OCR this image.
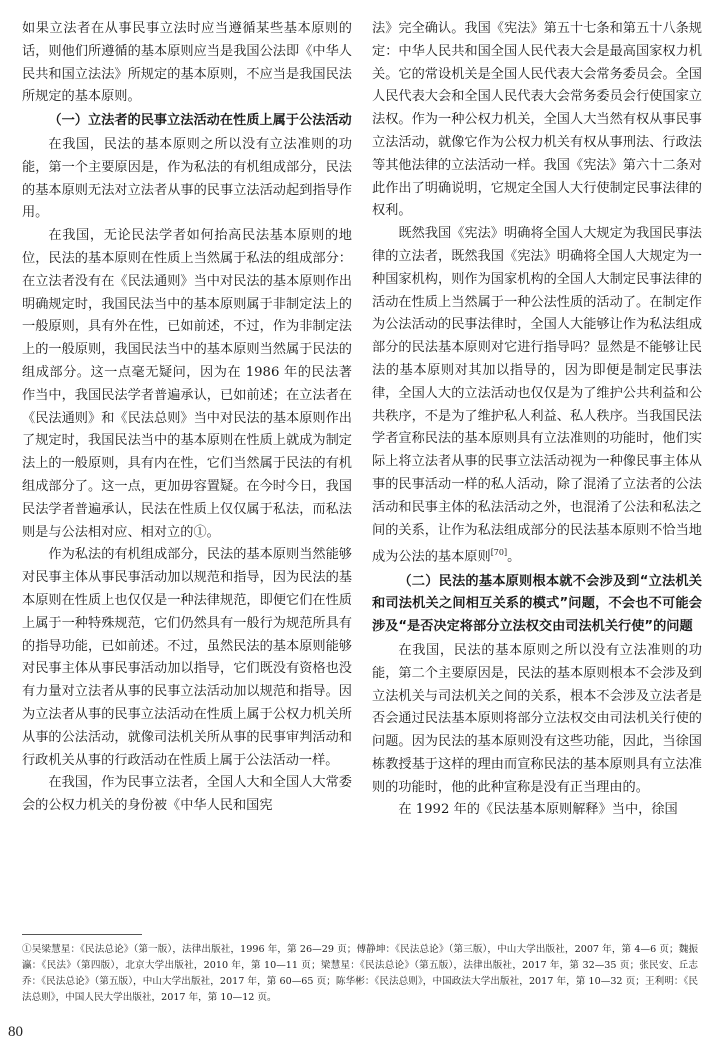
如果立法者在从事民事立法时应当遵循某些基本原则的话，则他们所遵循的基本原则应当是我国公法即《中华人民共和国立法法》所规定的基本原则，不应当是我国民法所规定的基本原则。

（一）立法者的民事立法活动在性质上属于公法活动

在我国，民法的基本原则之所以没有立法准则的功能，第一个主要原因是，作为私法的有机组成部分，民法的基本原则无法对立法者从事的民事立法活动起到指导作用。

在我国，无论民法学者如何抬高民法基本原则的地位，民法的基本原则在性质上当然属于私法的组成部分：在立法者没有在《民法通则》当中对民法的基本原则作出明确规定时，我国民法当中的基本原则属于非制定法上的一般原则，具有外在性，已如前述，不过，作为非制定法上的一般原则，我国民法当中的基本原则当然属于民法的组成部分。这一点毫无疑问，因为在 1986 年的民法著作当中，我国民法学者普遍承认，已如前述；在立法者在《民法通则》和《民法总则》当中对民法的基本原则作出了规定时，我国民法当中的基本原则在性质上就成为制定法上的一般原则，具有内在性，它们当然属于民法的有机组成部分了。这一点，更加毋容置疑。在今时今日，我国民法学者普遍承认，民法在性质上仅仅属于私法，而私法则是与公法相对应、相对立的①。

作为私法的有机组成部分，民法的基本原则当然能够对民事主体从事民事活动加以规范和指导，因为民法的基本原则在性质上也仅仅是一种法律规范，即便它们在性质上属于一种特殊规范，它们仍然具有一般行为规范所具有的指导功能，已如前述。不过，虽然民法的基本原则能够对民事主体从事民事活动加以指导，它们既没有资格也没有力量对立法者从事的民事立法活动加以规范和指导。因为立法者从事的民事立法活动在性质上属于公权力机关所从事的公法活动，就像司法机关所从事的民事审判活动和行政机关从事的行政活动在性质上属于公法活动一样。

在我国，作为民事立法者，全国人大和全国人大常委会的公权力机关的身份被《中华人民和国宪

法》完全确认。我国《宪法》第五十七条和第五十八条规定：中华人民共和国全国人民代表大会是最高国家权力机关。它的常设机关是全国人民代表大会常务委员会。全国人民代表大会和全国人民代表大会常务委员会行使国家立法权。作为一种公权力机关，全国人大当然有权从事民事立法活动，就像它作为公权力机关有权从事刑法、行政法等其他法律的立法活动一样。我国《宪法》第六十二条对此作出了明确说明，它规定全国人大行使制定民事法律的权利。

既然我国《宪法》明确将全国人大规定为我国民事法律的立法者，既然我国《宪法》明确将全国人大规定为一种国家机构，则作为国家机构的全国人大制定民事法律的活动在性质上当然属于一种公法性质的活动了。在制定作为公法活动的民事法律时，全国人大能够让作为私法组成部分的民法基本原则对它进行指导吗？显然是不能够让民法的基本原则对其加以指导的，因为即便是制定民事法律，全国人大的立法活动也仅仅是为了维护公共利益和公共秩序，不是为了维护私人利益、私人秩序。当我国民法学者宣称民法的基本原则具有立法准则的功能时，他们实际上将立法者从事的民事立法活动视为一种像民事主体从事的民事活动一样的私人活动，除了混淆了立法者的公法活动和民事主体的私法活动之外，也混淆了公法和私法之间的关系，让作为私法组成部分的民法基本原则不恰当地成为公法的基本原则[70]。

（二）民法的基本原则根本就不会涉及到“立法机关和司法机关之间相互关系的模式”问题，不会也不可能会涉及“是否决定将部分立法权交由司法机关行使”的问题

在我国，民法的基本原则之所以没有立法准则的功能，第二个主要原因是，民法的基本原则根本不会涉及到立法机关与司法机关之间的关系，根本不会涉及立法者是否会通过民法基本原则将部分立法权交由司法机关行使的问题。因为民法的基本原则没有这些功能，因此，当徐国栋教授基于这样的理由而宣称民法的基本原则具有立法准则的功能时，他的此种宣称是没有正当理由的。

在 1992 年的《民法基本原则解释》当中，徐国

①吴梁慧星：《民法总论》（第一版），法律出版社，1996 年，第 26—29 页；傅静坤：《民法总论》（第三版），中山大学出版社，2007 年，第 4—6 页；魏振瀛：《民法》（第四版），北京大学出版社，2010 年，第 10—11 页；梁慧星：《民法总论》（第五版），法律出版社，2017 年，第 32—35 页；张民安、丘志乔：《民法总论》（第五版），中山大学出版社，2017 年，第 60—65 页；陈华彬：《民法总则》，中国政法大学出版社，2017 年，第 10—32 页；王利明：《民法总则》，中国人民大学出版社，2017 年，第 10—12 页。
80
